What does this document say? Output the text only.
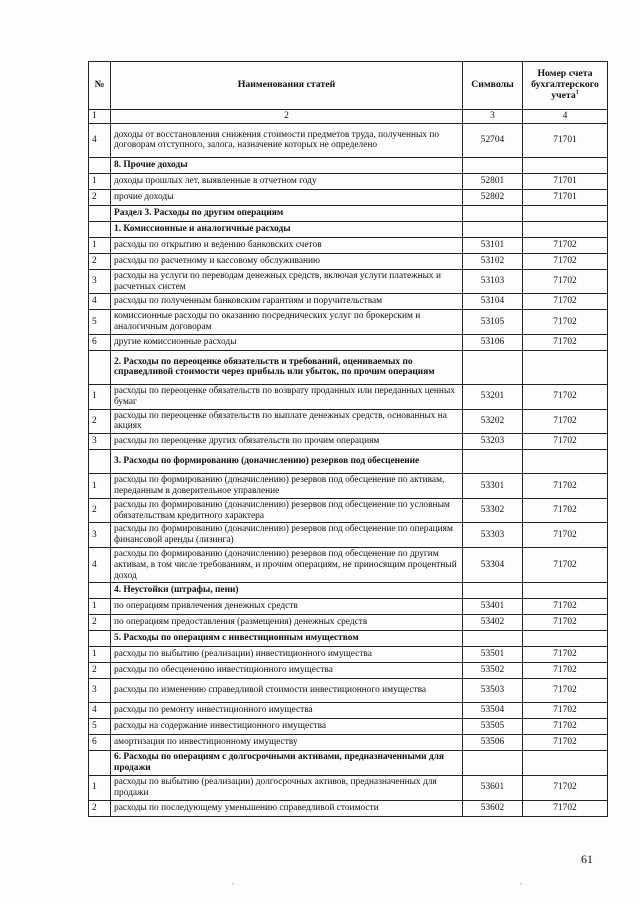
№	Наименования статей	Символы	Номер счета бухгалтерского учета$^1$
1	2	3	4
4	доходы от восстановления снижения стоимости предметов труда, полученных по договорам отступного, залога, назначение которых не определено	52704	71701
	8. Прочие доходы		
1	доходы прошлых лет, выявленные в отчетном году	52801	71701
2	прочие доходы	52802	71701
	Раздел 3. Расходы по другим операциям		
	1. Комиссионные и аналогичные расходы		
1	расходы по открытию и ведению банковских счетов	53101	71702
2	расходы по расчетному и кассовому обслуживанию	53102	71702
3	расходы на услуги по переводам денежных средств, включая услуги платежных и расчетных систем	53103	71702
4	расходы по полученным банковским гарантиям и поручительствам	53104	71702
5	комиссионные расходы по оказанию посреднических услуг по брокерским и аналогичным договорам	53105	71702
6	другие комиссионные расходы	53106	71702
	2. Расходы по переоценке обязательств и требований, оцениваемых по справедливой стоимости через прибыль или убыток, по прочим операциям		
1	расходы по переоценке обязательств по возврату проданных или переданных ценных бумаг	53201	71702
2	расходы по переоценке обязательств по выплате денежных средств, основанных на акциях	53202	71702
3	расходы по переоценке других обязательств по прочим операциям	53203	71702
	3. Расходы по формированию (доначислению) резервов под обесценение		
1	расходы по формированию (доначислению) резервов под обесценение по активам, переданным в доверительное управление	53301	71702
2	расходы по формированию (доначислению) резервов под обесценение по условным обязательствам кредитного характера	53302	71702
3	расходы по формированию (доначислению) резервов под обесценение по операциям финансовой аренды (лизинга)	53303	71702
4	расходы по формированию (доначислению) резервов под обесценение по другим активам, в том числе требованиям, и прочим операциям, не приносящим процентный доход	53304	71702
	4. Неустойки (штрафы, пени)		
1	по операциям привлечения денежных средств	53401	71702
2	по операциям предоставления (размещения) денежных средств	53402	71702
	5. Расходы по операциям с инвестиционным имуществом		
1	расходы по выбытию (реализации) инвестиционного имущества	53501	71702
2	расходы по обесценению инвестиционного имущества	53502	71702
3	расходы по изменению справедливой стоимости инвестиционного имущества	53503	71702
4	расходы по ремонту инвестиционного имущества	53504	71702
5	расходы на содержание инвестиционного имущества	53505	71702
6	амортизация по инвестиционному имуществу	53506	71702
	6. Расходы по операциям с долгосрочными активами, предназначенными для продажи		
1	расходы по выбытию (реализации) долгосрочных активов, предназначенных для продажи	53601	71702
2	расходы по последующему уменьшению справедливой стоимости	53602	71702
61
˛	˛
